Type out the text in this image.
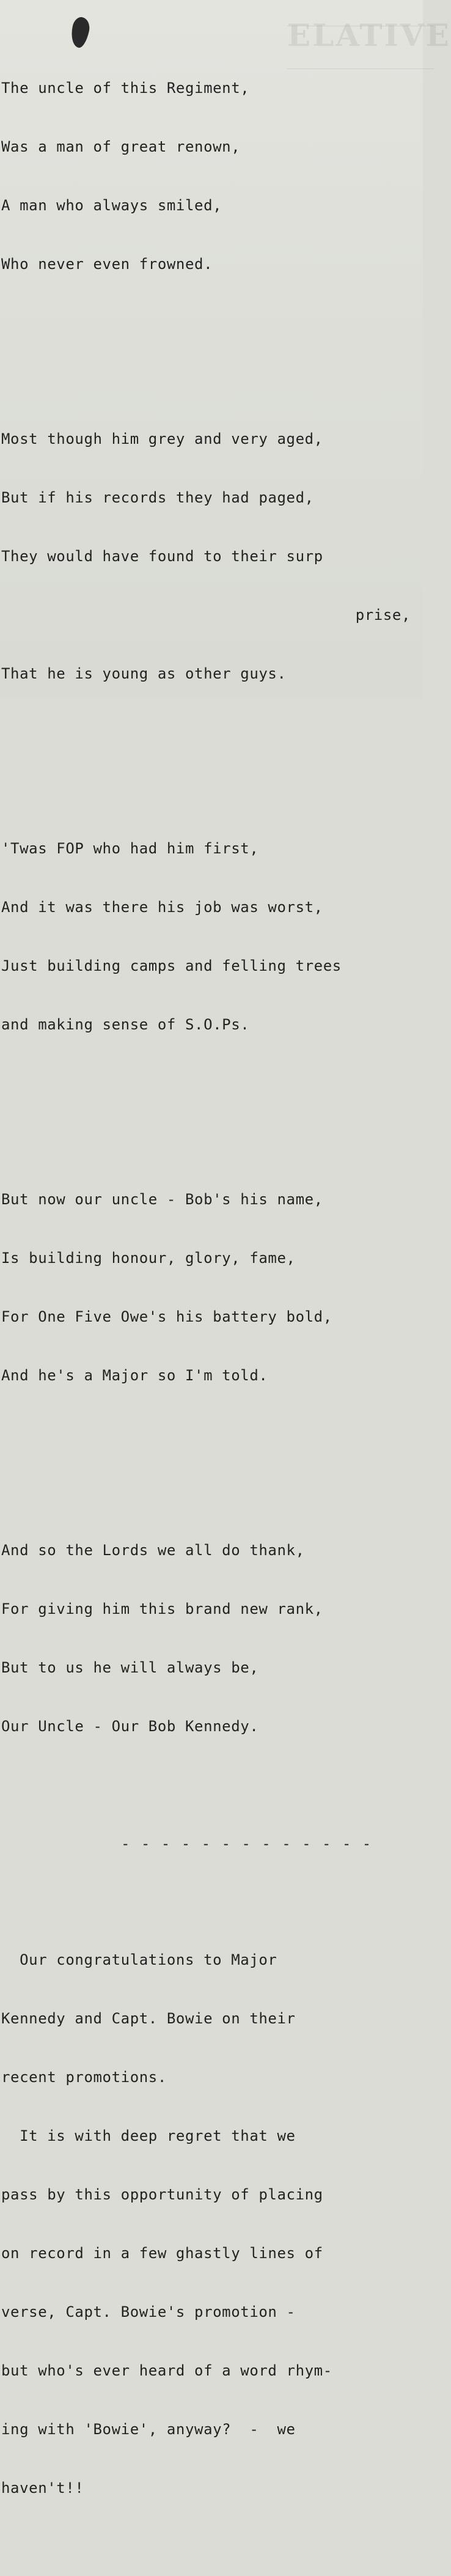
ELATIVE

The uncle of this Regiment,

Was a man of great renown,

A man who always smiled,

Who never even frowned.

Most though him grey and very aged,

But if his records they had paged,

They would have found to their surp

prise,

That he is young as other guys.

'Twas FOP who had him first,

And it was there his job was worst,

Just building camps and felling trees

and making sense of S.O.Ps.

But now our uncle - Bob's his name,

Is building honour, glory, fame,

For One Five Owe's his battery bold,

And he's a Major so I'm told.

And so the Lords we all do thank,

For giving him this brand new rank,

But to us he will always be,

Our Uncle - Our Bob Kennedy.

- - - - - - - - - - - - -

Our congratulations to Major

Kennedy and Capt. Bowie on their

recent promotions.

It is with deep regret that we

pass by this opportunity of placing

on record in a few ghastly lines of

verse, Capt. Bowie's promotion -

but who's ever heard of a word rhym-

ing with 'Bowie', anyway?  -  we

haven't!!
